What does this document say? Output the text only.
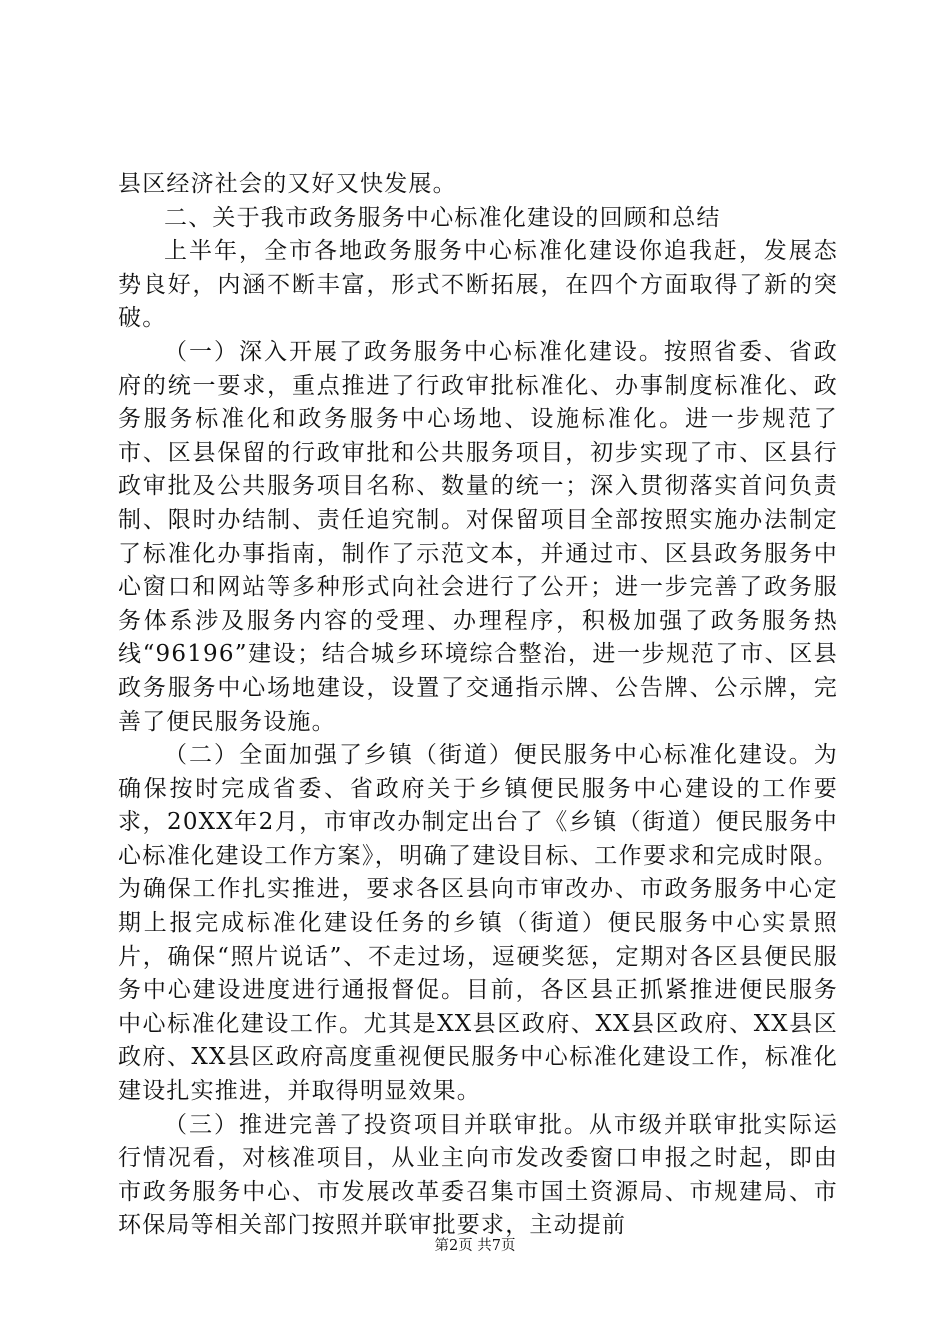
县区经济社会的又好又快发展。

二、关于我市政务服务中心标准化建设的回顾和总结

上半年，全市各地政务服务中心标准化建设你追我赶，发展态势良好，内涵不断丰富，形式不断拓展，在四个方面取得了新的突破。

（一）深入开展了政务服务中心标准化建设。按照省委、省政府的统一要求，重点推进了行政审批标准化、办事制度标准化、政务服务标准化和政务服务中心场地、设施标准化。进一步规范了市、区县保留的行政审批和公共服务项目，初步实现了市、区县行政审批及公共服务项目名称、数量的统一；深入贯彻落实首问负责制、限时办结制、责任追究制。对保留项目全部按照实施办法制定了标准化办事指南，制作了示范文本，并通过市、区县政务服务中心窗口和网站等多种形式向社会进行了公开；进一步完善了政务服务体系涉及服务内容的受理、办理程序，积极加强了政务服务热线“96196”建设；结合城乡环境综合整治，进一步规范了市、区县政务服务中心场地建设，设置了交通指示牌、公告牌、公示牌，完善了便民服务设施。

（二）全面加强了乡镇（街道）便民服务中心标准化建设。为确保按时完成省委、省政府关于乡镇便民服务中心建设的工作要求，20XX年2月，市审改办制定出台了《乡镇（街道）便民服务中心标准化建设工作方案》，明确了建设目标、工作要求和完成时限。为确保工作扎实推进，要求各区县向市审改办、市政务服务中心定期上报完成标准化建设任务的乡镇（街道）便民服务中心实景照片，确保“照片说话”、不走过场，逗硬奖惩，定期对各区县便民服务中心建设进度进行通报督促。目前，各区县正抓紧推进便民服务中心标准化建设工作。尤其是XX县区政府、XX县区政府、XX县区政府、XX县区政府高度重视便民服务中心标准化建设工作，标准化建设扎实推进，并取得明显效果。

（三）推进完善了投资项目并联审批。从市级并联审批实际运行情况看，对核准项目，从业主向市发改委窗口申报之时起，即由市政务服务中心、市发展改革委召集市国土资源局、市规建局、市环保局等相关部门按照并联审批要求，主动提前

第2页 共7页
